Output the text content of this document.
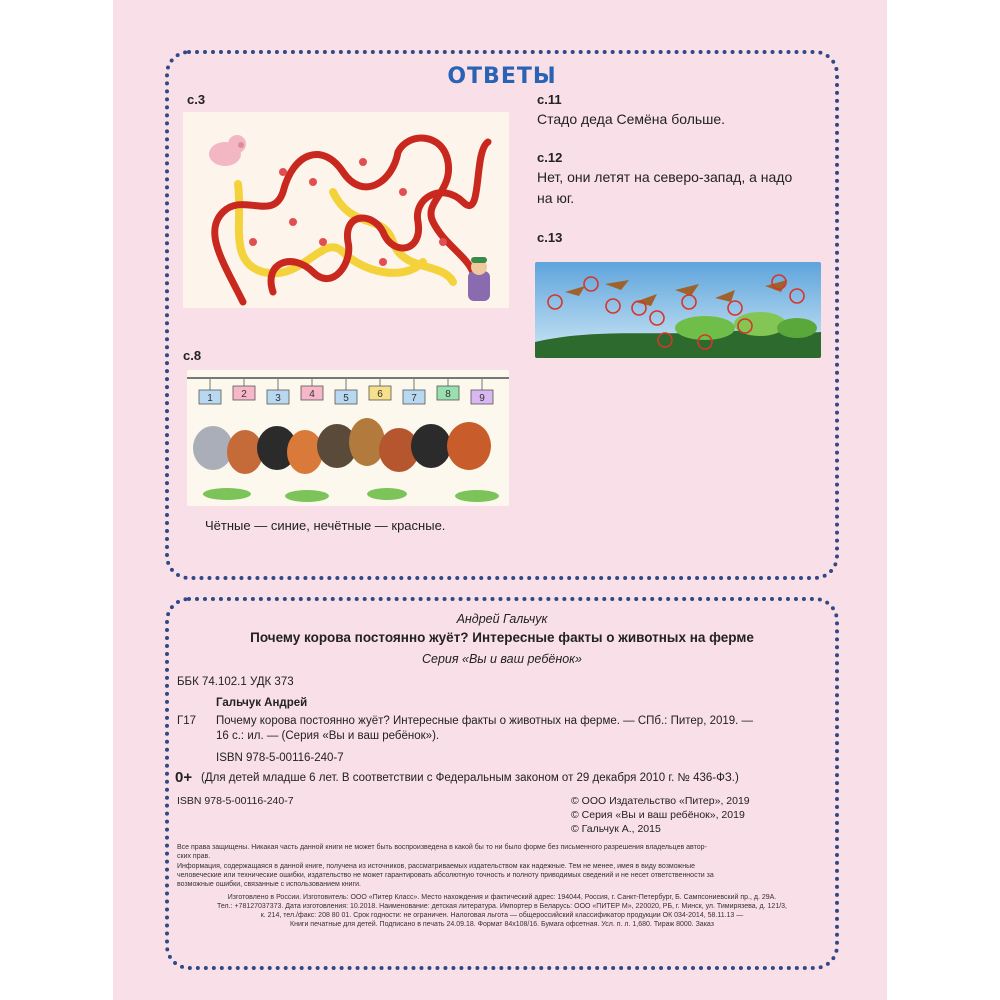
ОТВЕТЫ
с.3
с.8
1	2	3	4	5	6	7	8	9
Чётные — синие, нечётные — красные.
с.11
Стадо деда Семёна больше.
с.12
Нет, они летят на северо-запад, а надо
на юг.
с.13
Андрей Гальчук
Почему корова постоянно жуёт? Интересные факты о животных на ферме
Серия «Вы и ваш ребёнок»
ББК 74.102.1 УДК 373
Гальчук Андрей
Г17 Почему корова постоянно жуёт? Интересные факты о животных на ферме. — СПб.: Питер, 2019. —
16 с.: ил. — (Серия «Вы и ваш ребёнок»).
ISBN 978-5-00116-240-7
0+ (Для детей младше 6 лет. В соответствии с Федеральным законом от 29 декабря 2010 г. № 436-ФЗ.)
ISBN 978-5-00116-240-7	© ООО Издательство «Питер», 2019
© Серия «Вы и ваш ребёнок», 2019
© Гальчук А., 2015
Все права защищены. Никакая часть данной книги не может быть воспроизведена в какой бы то ни было форме без письменного разрешения владельцев автор-
ских прав.
Информация, содержащаяся в данной книге, получена из источников, рассматриваемых издательством как надежные. Тем не менее, имея в виду возможные
человеческие или технические ошибки, издательство не может гарантировать абсолютную точность и полноту приводимых сведений и не несет ответственности за
возможные ошибки, связанные с использованием книги.
Изготовлено в России. Изготовитель: ООО «Питер Класс». Место нахождения и фактический адрес: 194044, Россия, г. Санкт-Петербург, Б. Сампсониевский пр., д. 29А.
Тел.: +78127037373. Дата изготовления: 10.2018. Наименование: детская литература. Импортер в Беларусь: ООО «ПИТЕР М», 220020, РБ, г. Минск, ул. Тимирязева, д. 121/3,
к. 214, тел./факс: 208 80 01. Срок годности: не ограничен. Налоговая льгота — общероссийский классификатор продукции ОК 034-2014, 58.11.13 —
Книги печатные для детей. Подписано в печать 24.09.18. Формат 84х108/16. Бумага офсетная. Усл. п. л. 1,680. Тираж 8000. Заказ
